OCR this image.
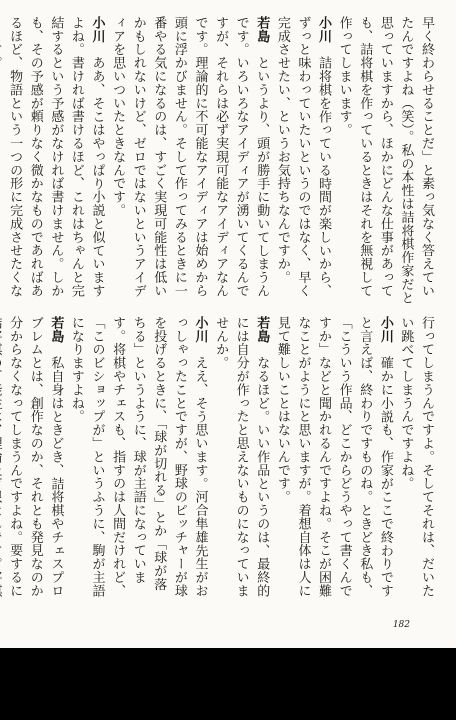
早く終わらせることだ」と素っ気なく答えていたんですよね（笑）。私の本性は詰将棋作家だと思っていますから、ほかにどんな仕事があっても、詰将棋を作っているときはそれを無視して作ってしまいます。

小川　詰将棋を作っている時間が楽しいから、ずっと味わっていたいというのではなく、早く完成させたい、というお気持ちなんですか。

若島　というより、頭が勝手に動いてしまうんです。いろいろなアイディアが湧いてくるんですが、それらは必ず実現可能なアイディアなんです。理論的に不可能なアイディアは始めから頭に浮かびません。そして作ってみるときに一番やる気になるのは、すごく実現可能性は低いかもしれないけど、ゼロではないというアイディアを思いついたときなんです。

小川　ああ、そこはやっぱり小説と似ていますよね。書ければ書けるほど、これはちゃんと完結するという予感がなければ書けません。しかも、その予感が頼りなく微かなものであればあるほど、物語という一つの形に完成させたくな

行ってしまうんですよ。そしてそれは、だいたい跳べてしまうんですよね。

小川　確かに小説も、作家がここで終わりですと言えば、終わりですものね。ときどき私も、「こういう作品、どこからどうやって書くんですか」などと聞かれるんですよね。そこが困難なことがようにと思いますが。着想自体は人に見て難しいことはないんです。

若島　なるほど。いい作品というのは、最終的には自分が作ったと思えないものになっていませんか。

小川　ええ、そう思います。河合隼雄先生がおっしゃったことですが、野球のピッチャーが球を投げるときに、「球が切れる」とか「球が落ちる」というように、球が主語になっています。将棋やチェスも、指すのは人間だけれど、「このビショップが」というふうに、駒が主語になりますよね。

若島　私自身はときどき、詰将棋やチェスプロブレムとは、創作なのか、それとも発見なのか分からなくなってしまうんですよね。要するに

182
